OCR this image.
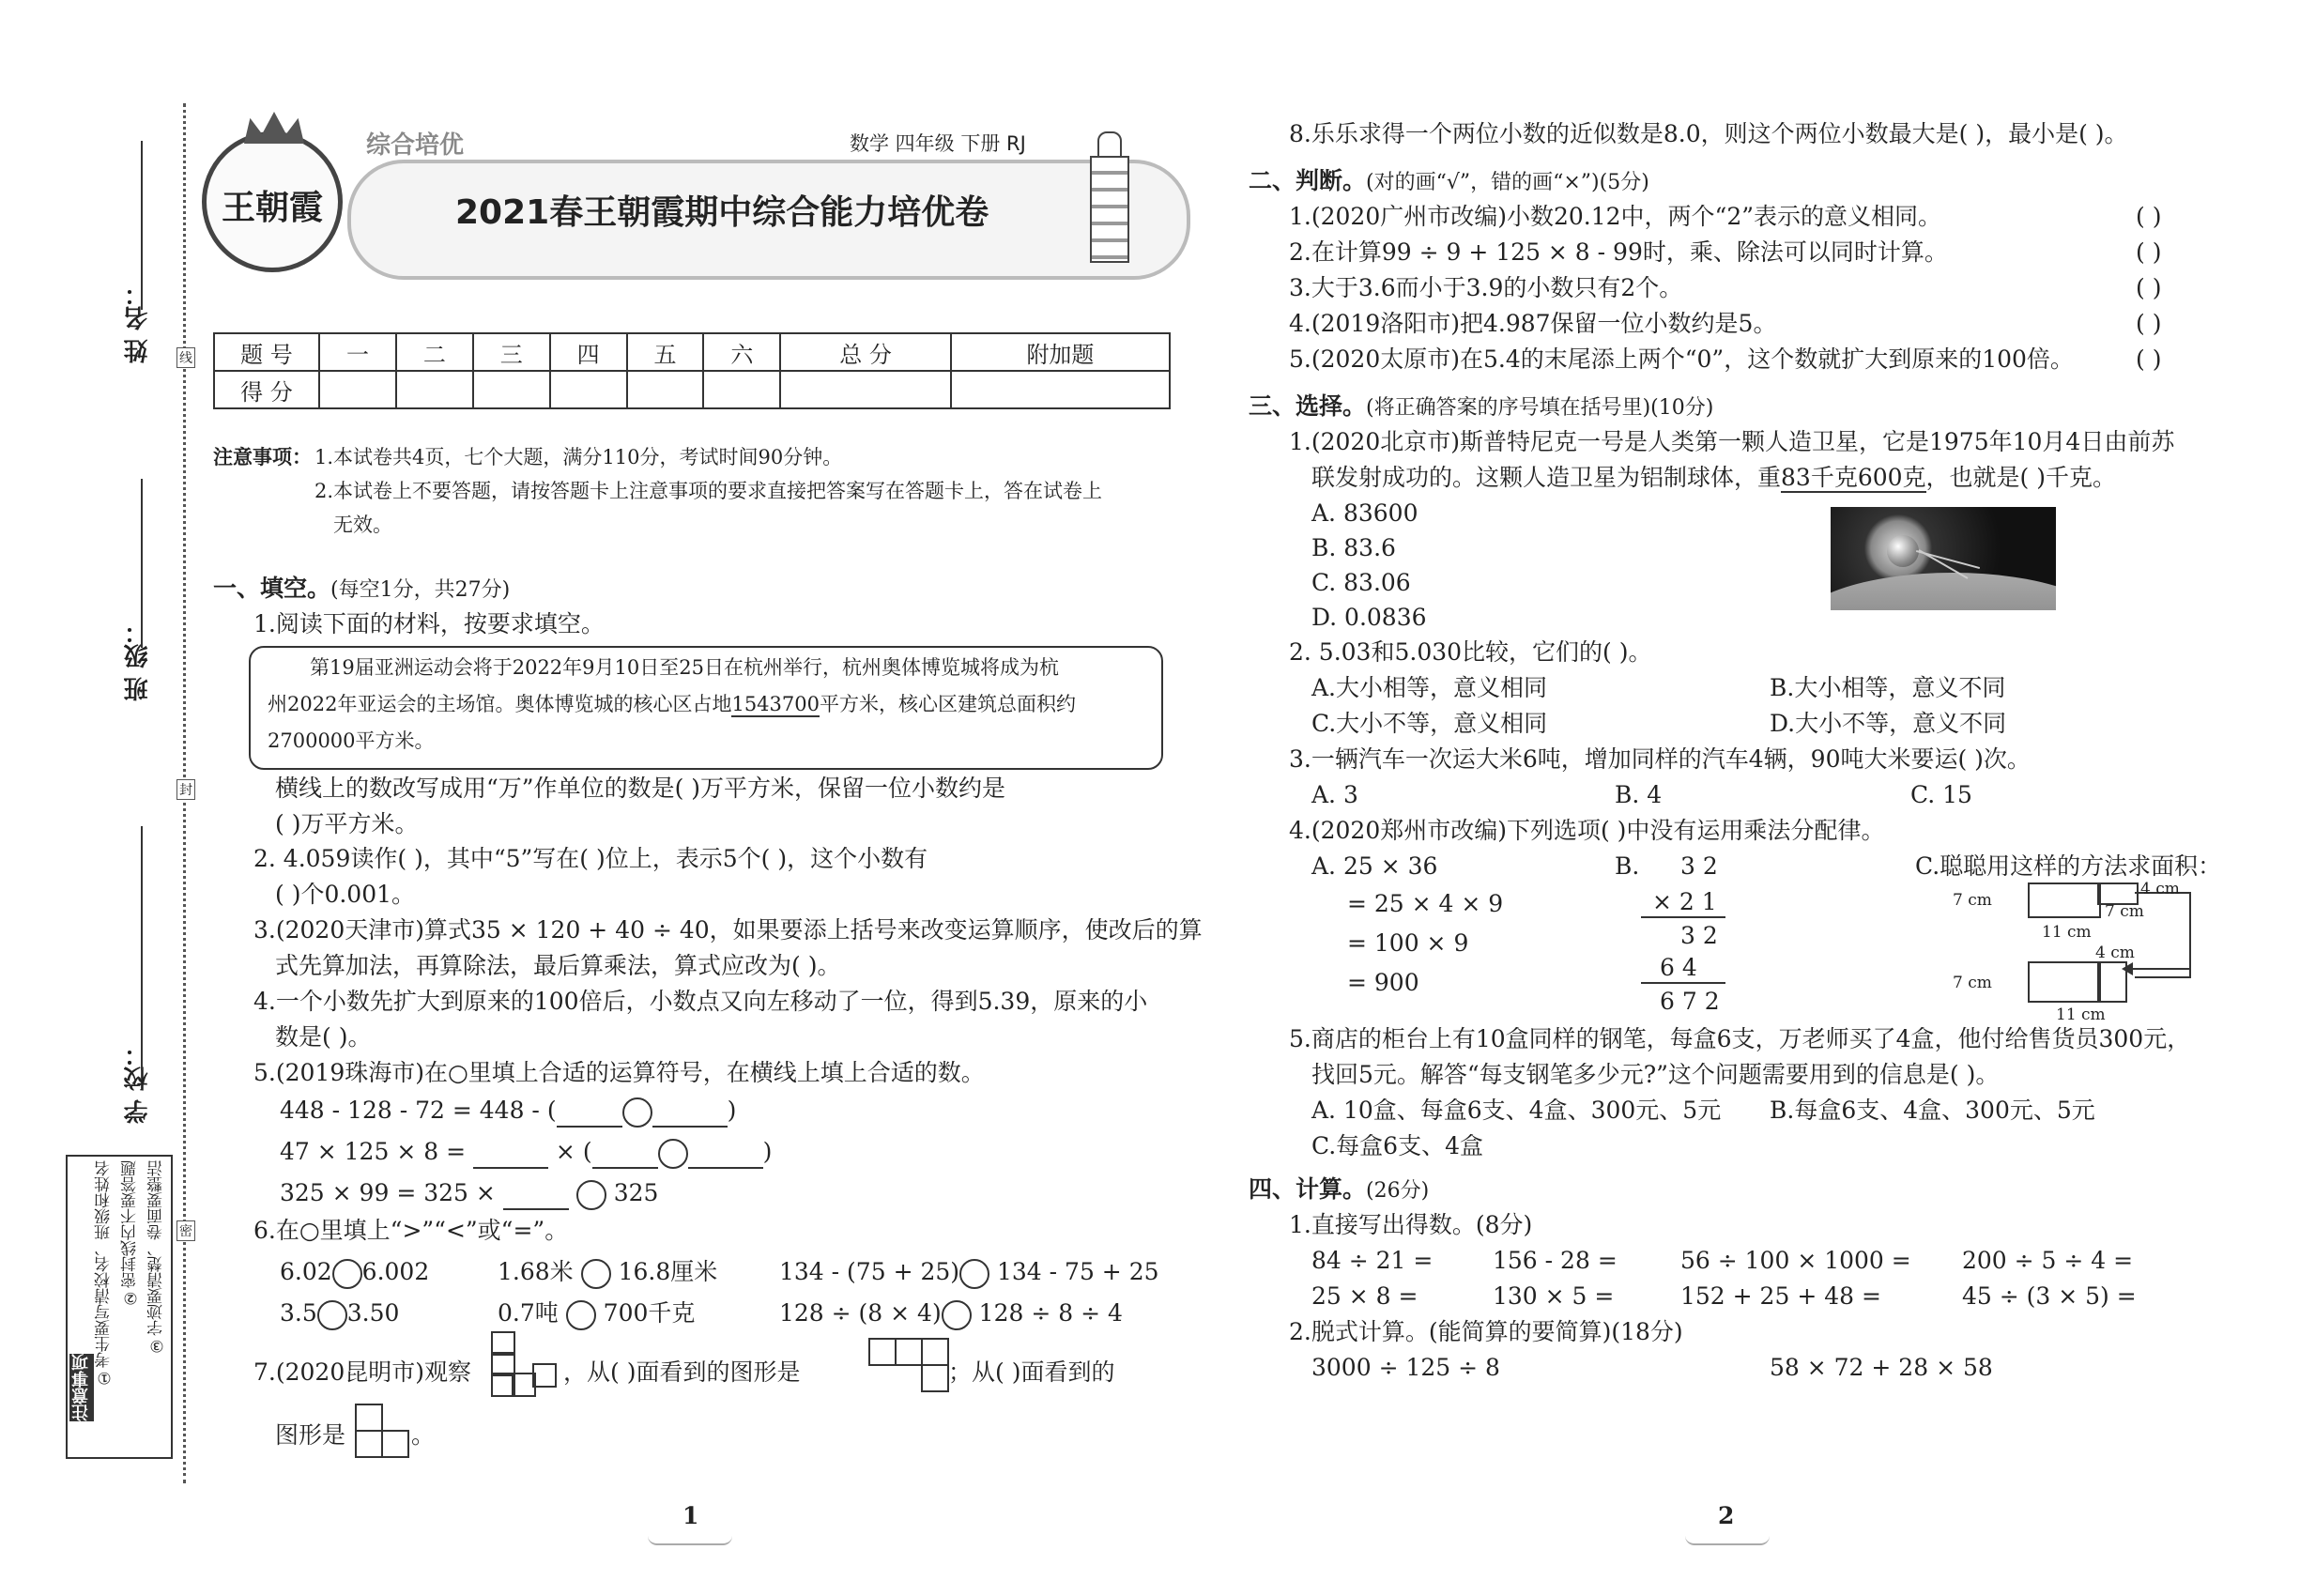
姓 名：
班 级：
学 校：
线
封
密
注意事项
①考生要写清校名、班级和姓名 ②密封线内不要答题 ③字迹要清楚、卷面要整洁
王朝霞
综合培优	数学 四年级 下册 RJ
2021春王朝霞期中综合能力培优卷
题 号	一	二	三	四	五	六	总 分	附加题
得 分								
注意事项： 1.本试卷共4页，七个大题，满分110分，考试时间90分钟。
2.本试卷上不要答题，请按答题卡上注意事项的要求直接把答案写在答题卡上，答在试卷上
无效。
一、填空。(每空1分，共27分)
1.阅读下面的材料，按要求填空。
第19届亚洲运动会将于2022年9月10日至25日在杭州举行，杭州奥体博览城将成为杭
州2022年亚运会的主场馆。奥体博览城的核心区占地1543700平方米，核心区建筑总面积约
2700000平方米。
横线上的数改写成用“万”作单位的数是( )万平方米，保留一位小数约是
( )万平方米。
2. 4.059读作( )，其中“5”写在( )位上，表示5个( )，这个小数有
( )个0.001。
3.(2020天津市)算式35 × 120 + 40 ÷ 40，如果要添上括号来改变运算顺序，使改后的算
式先算加法，再算除法，最后算乘法，算式应改为( )。
4.一个小数先扩大到原来的100倍后，小数点又向左移动了一位，得到5.39，原来的小
数是( )。
5.(2019珠海市)在○里填上合适的运算符号，在横线上填上合适的数。
448 - 128 - 72 = 448 - (	)
47 × 125 × 8 =	× (	)
325 × 99 = 325 ×	325
6.在○里填上“>”“<”或“=”。
6.02 6.002	1.68米 16.8厘米	134 - (75 + 25) 134 - 75 + 25
3.5 3.50	0.7吨 700千克	128 ÷ (8 × 4) 128 ÷ 8 ÷ 4
7.(2020昆明市)观察	，从( )面看到的图形是	；从( )面看到的
图形是	。
1
8.乐乐求得一个两位小数的近似数是8.0，则这个两位小数最大是( )，最小是( )。
二、判断。(对的画“√”，错的画“×”)(5分)
1.(2020广州市改编)小数20.12中，两个“2”表示的意义相同。	( )
2.在计算99 ÷ 9 + 125 × 8 - 99时，乘、除法可以同时计算。	( )
3.大于3.6而小于3.9的小数只有2个。	( )
4.(2019洛阳市)把4.987保留一位小数约是5。	( )
5.(2020太原市)在5.4的末尾添上两个“0”，这个数就扩大到原来的100倍。	( )
三、选择。(将正确答案的序号填在括号里)(10分)
1.(2020北京市)斯普特尼克一号是人类第一颗人造卫星，它是1975年10月4日由前苏
联发射成功的。这颗人造卫星为铝制球体，重83千克600克，也就是( )千克。
A. 83600
B. 83.6
C. 83.06
D. 0.0836
2. 5.03和5.030比较，它们的( )。
A.大小相等，意义相同	B.大小相等，意义不同
C.大小不等，意义相同	D.大小不等，意义不同
3.一辆汽车一次运大米6吨，增加同样的汽车4辆，90吨大米要运( )次。
A. 3	B. 4	C. 15
4.(2020郑州市改编)下列选项( )中没有运用乘法分配律。
A. 25 × 36
= 25 × 4 × 9
= 100 × 9
= 900
B. 3 2
× 2 1
3 2
6 4
6 7 2
C.聪聪用这样的方法求面积：
7 cm
4 cm
7 cm
11 cm
4 cm
7 cm
11 cm
5.商店的柜台上有10盒同样的钢笔，每盒6支，万老师买了4盒，他付给售货员300元，
找回5元。解答“每支钢笔多少元?”这个问题需要用到的信息是( )。
A. 10盒、每盒6支、4盒、300元、5元 B.每盒6支、4盒、300元、5元
C.每盒6支、4盒
四、计算。(26分)
1.直接写出得数。(8分)
84 ÷ 21 =	156 - 28 =	56 ÷ 100 × 1000 = 200 ÷ 5 ÷ 4 =
25 × 8 =	130 × 5 =	152 + 25 + 48 =	45 ÷ (3 × 5) =
2.脱式计算。(能简算的要简算)(18分)
3000 ÷ 125 ÷ 8	58 × 72 + 28 × 58
2
